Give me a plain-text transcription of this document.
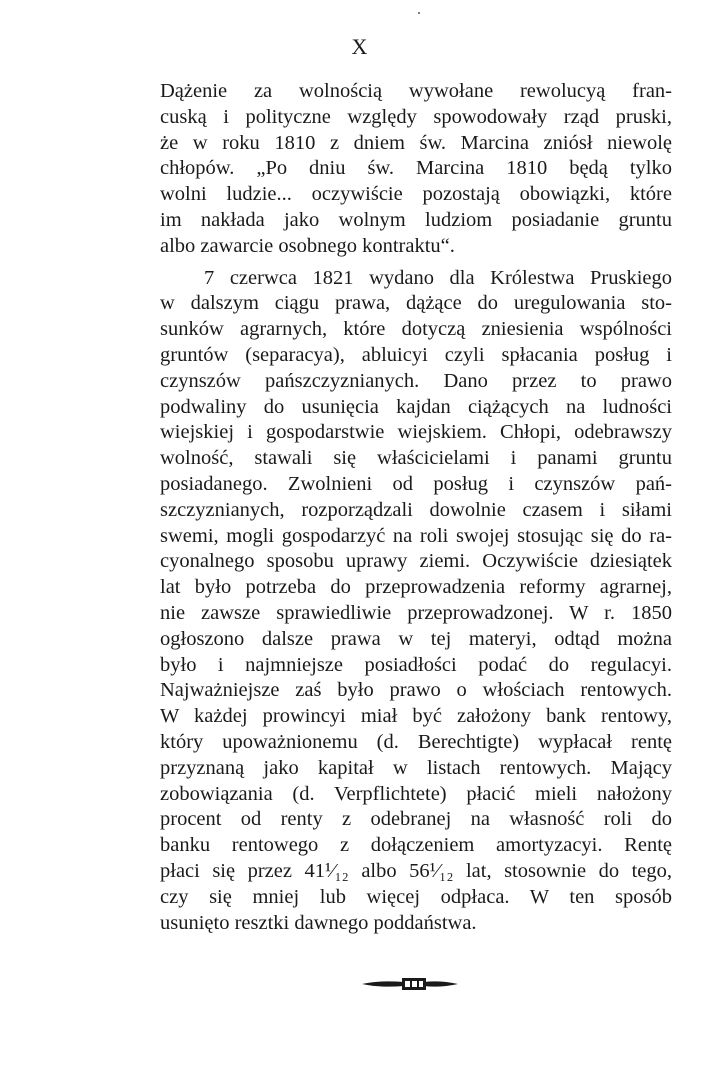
X
Dążenie za wolnością wywołane rewolucyą fran-
cuską i polityczne względy spowodowały rząd pruski,
że w roku 1810 z dniem św. Marcina zniósł niewolę
chłopów. „Po dniu św. Marcina 1810 będą tylko
wolni ludzie... oczywiście pozostają obowiązki, które
im nakłada jako wolnym ludziom posiadanie gruntu
albo zawarcie osobnego kontraktu“.
7 czerwca 1821 wydano dla Królestwa Pruskiego
w dalszym ciągu prawa, dążące do uregulowania sto-
sunków agrarnych, które dotyczą zniesienia wspólności
gruntów (separacya), abluicyi czyli spłacania posług i
czynszów pańszczyznianych. Dano przez to prawo
podwaliny do usunięcia kajdan ciążących na ludności
wiejskiej i gospodarstwie wiejskiem. Chłopi, odebrawszy
wolność, stawali się właścicielami i panami gruntu
posiadanego. Zwolnieni od posług i czynszów pań-
szczyznianych, rozporządzali dowolnie czasem i siłami
swemi, mogli gospodarzyć na roli swojej stosując się do ra-
cyonalnego sposobu uprawy ziemi. Oczywiście dziesiątek
lat było potrzeba do przeprowadzenia reformy agrarnej,
nie zawsze sprawiedliwie przeprowadzonej. W r. 1850
ogłoszono dalsze prawa w tej materyi, odtąd można
było i najmniejsze posiadłości podać do regulacyi.
Najważniejsze zaś było prawo o włościach rentowych.
W każdej prowincyi miał być założony bank rentowy,
który upoważnionemu (d. Berechtigte) wypłacał rentę
przyznaną jako kapitał w listach rentowych. Mający
zobowiązania (d. Verpflichtete) płacić mieli nałożony
procent od renty z odebranej na własność roli do
banku rentowego z dołączeniem amortyzacyi. Rentę
płaci się przez 41¹⁄₁₂ albo 56¹⁄₁₂ lat, stosownie do tego,
czy się mniej lub więcej odpłaca. W ten sposób
usunięto resztki dawnego poddaństwa.
